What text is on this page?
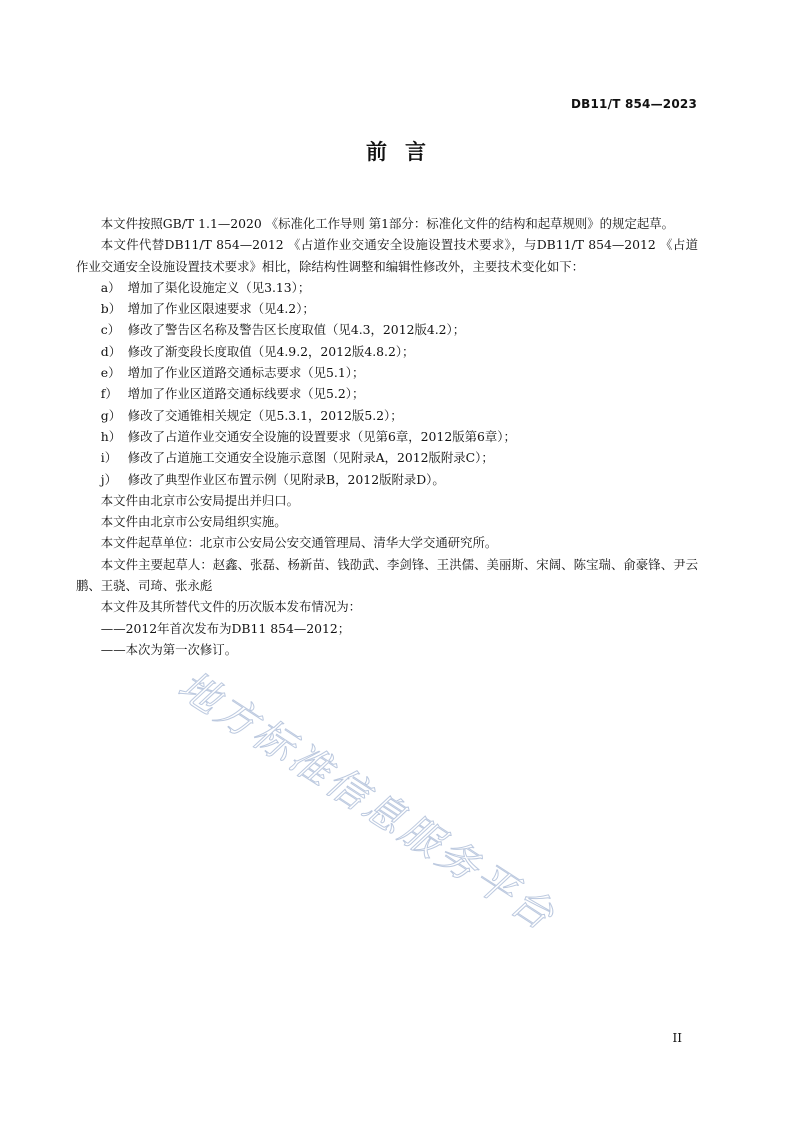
DB11/T 854—2023
前言

本文件按照GB/T 1.1—2020 《标准化工作导则 第1部分：标准化文件的结构和起草规则》的规定起草。

本文件代替DB11/T 854—2012 《占道作业交通安全设施设置技术要求》，与DB11/T 854—2012 《占道作业交通安全设施设置技术要求》相比，除结构性调整和编辑性修改外，主要技术变化如下：

a） 增加了渠化设施定义（见3.13）；

b） 增加了作业区限速要求（见4.2）；

c） 修改了警告区名称及警告区长度取值（见4.3，2012版4.2）；

d） 修改了渐变段长度取值（见4.9.2，2012版4.8.2）；

e） 增加了作业区道路交通标志要求（见5.1）；

f） 增加了作业区道路交通标线要求（见5.2）；

g） 修改了交通锥相关规定（见5.3.1，2012版5.2）；

h） 修改了占道作业交通安全设施的设置要求（见第6章，2012版第6章）；

i） 修改了占道施工交通安全设施示意图（见附录A，2012版附录C）；

j） 修改了典型作业区布置示例（见附录B，2012版附录D）。

本文件由北京市公安局提出并归口。

本文件由北京市公安局组织实施。

本文件起草单位：北京市公安局公安交通管理局、清华大学交通研究所。

本文件主要起草人：赵鑫、张磊、杨新苗、钱劭武、李剑锋、王洪儒、美丽斯、宋阔、陈宝瑞、俞豪锋、尹云鹏、王骁、司琦、张永彪

本文件及其所替代文件的历次版本发布情况为：

——2012年首次发布为DB11 854—2012；

——本次为第一次修订。

地方标准信息服务平台
II
